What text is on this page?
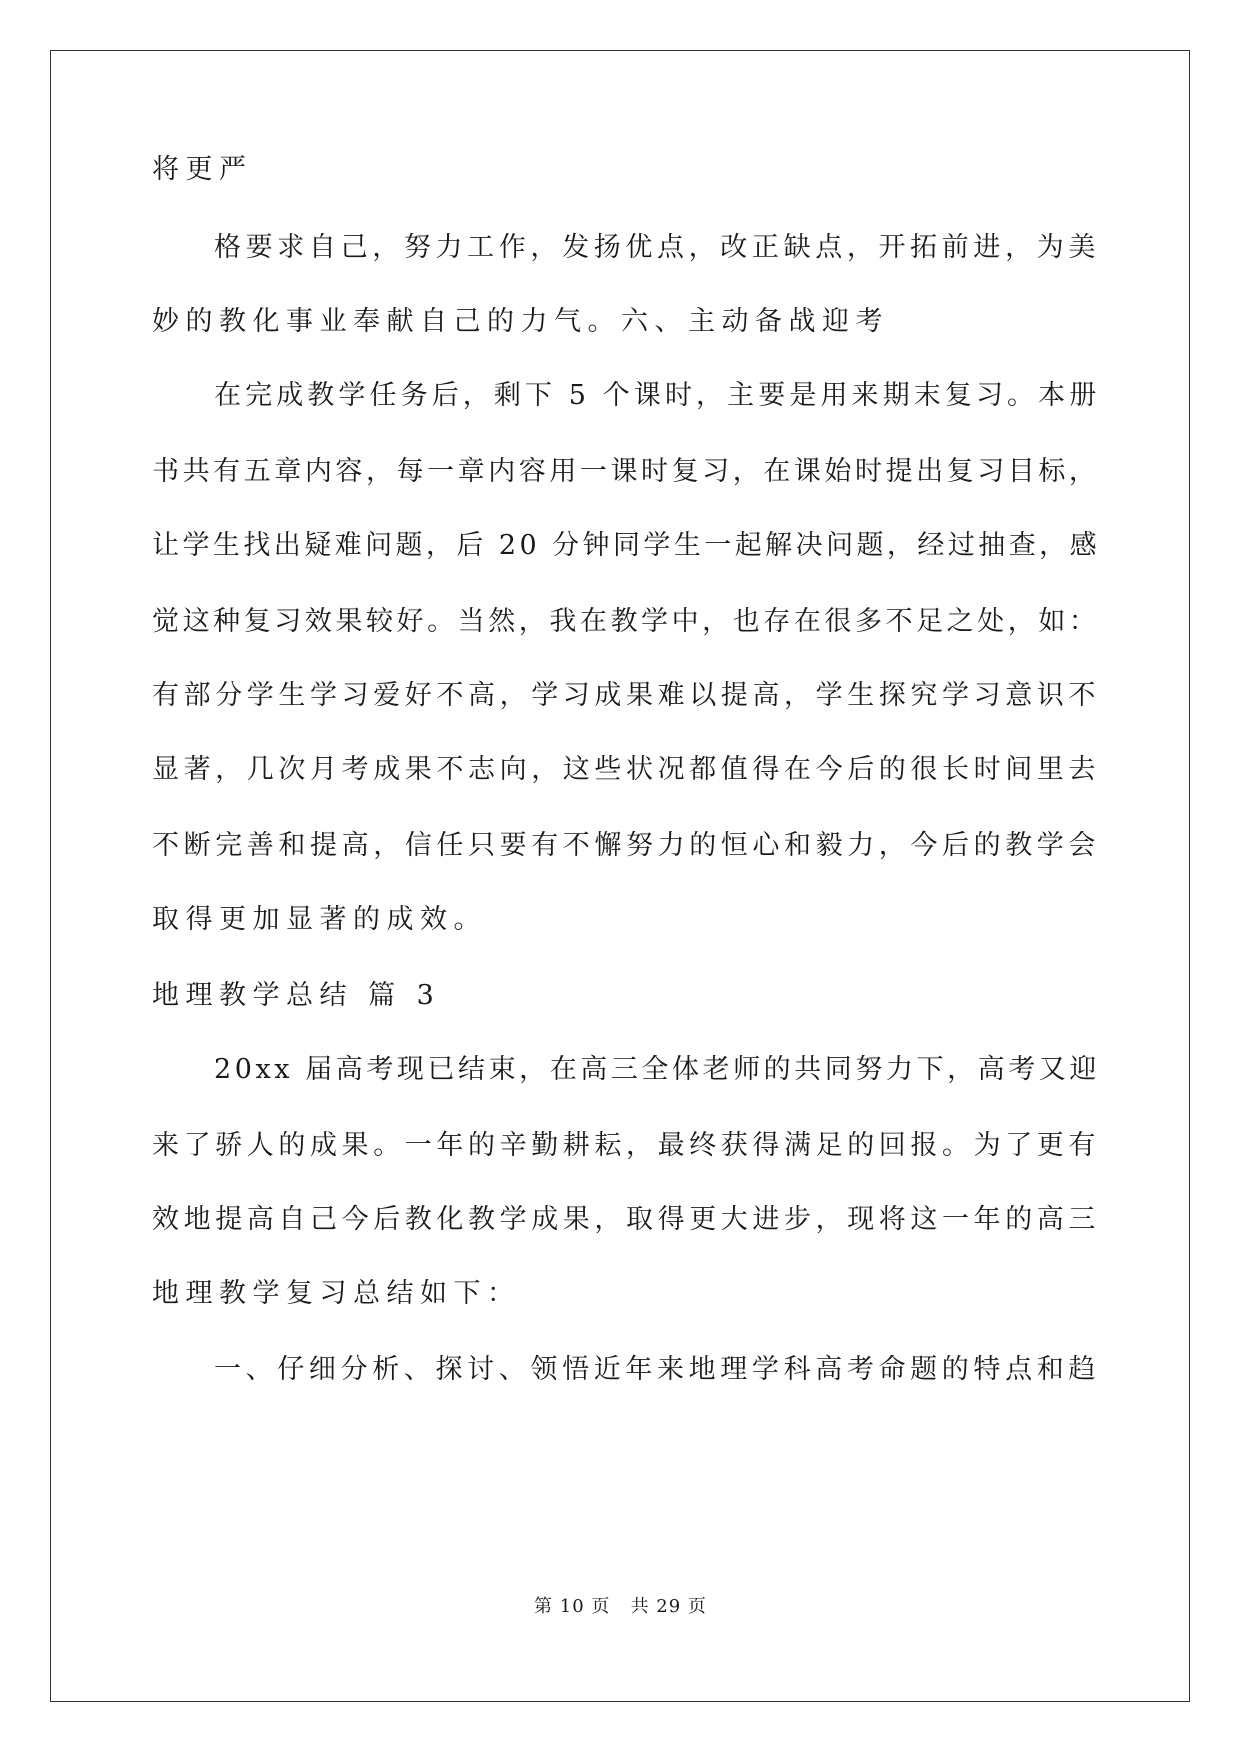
将更严
格要求自己，努力工作，发扬优点，改正缺点，开拓前进，为美
妙的教化事业奉献自己的力气。六、主动备战迎考
在完成教学任务后，剩下 5 个课时，主要是用来期末复习。本册
书共有五章内容，每一章内容用一课时复习，在课始时提出复习目标，
让学生找出疑难问题，后 20 分钟同学生一起解决问题，经过抽查，感
觉这种复习效果较好。当然，我在教学中，也存在很多不足之处，如：
有部分学生学习爱好不高，学习成果难以提高，学生探究学习意识不
显著，几次月考成果不志向，这些状况都值得在今后的很长时间里去
不断完善和提高，信任只要有不懈努力的恒心和毅力，今后的教学会
取得更加显著的成效。
地理教学总结 篇 3
20xx 届高考现已结束，在高三全体老师的共同努力下，高考又迎
来了骄人的成果。一年的辛勤耕耘，最终获得满足的回报。为了更有
效地提高自己今后教化教学成果，取得更大进步，现将这一年的高三
地理教学复习总结如下：
一、仔细分析、探讨、领悟近年来地理学科高考命题的特点和趋
第 10 页 共 29 页
